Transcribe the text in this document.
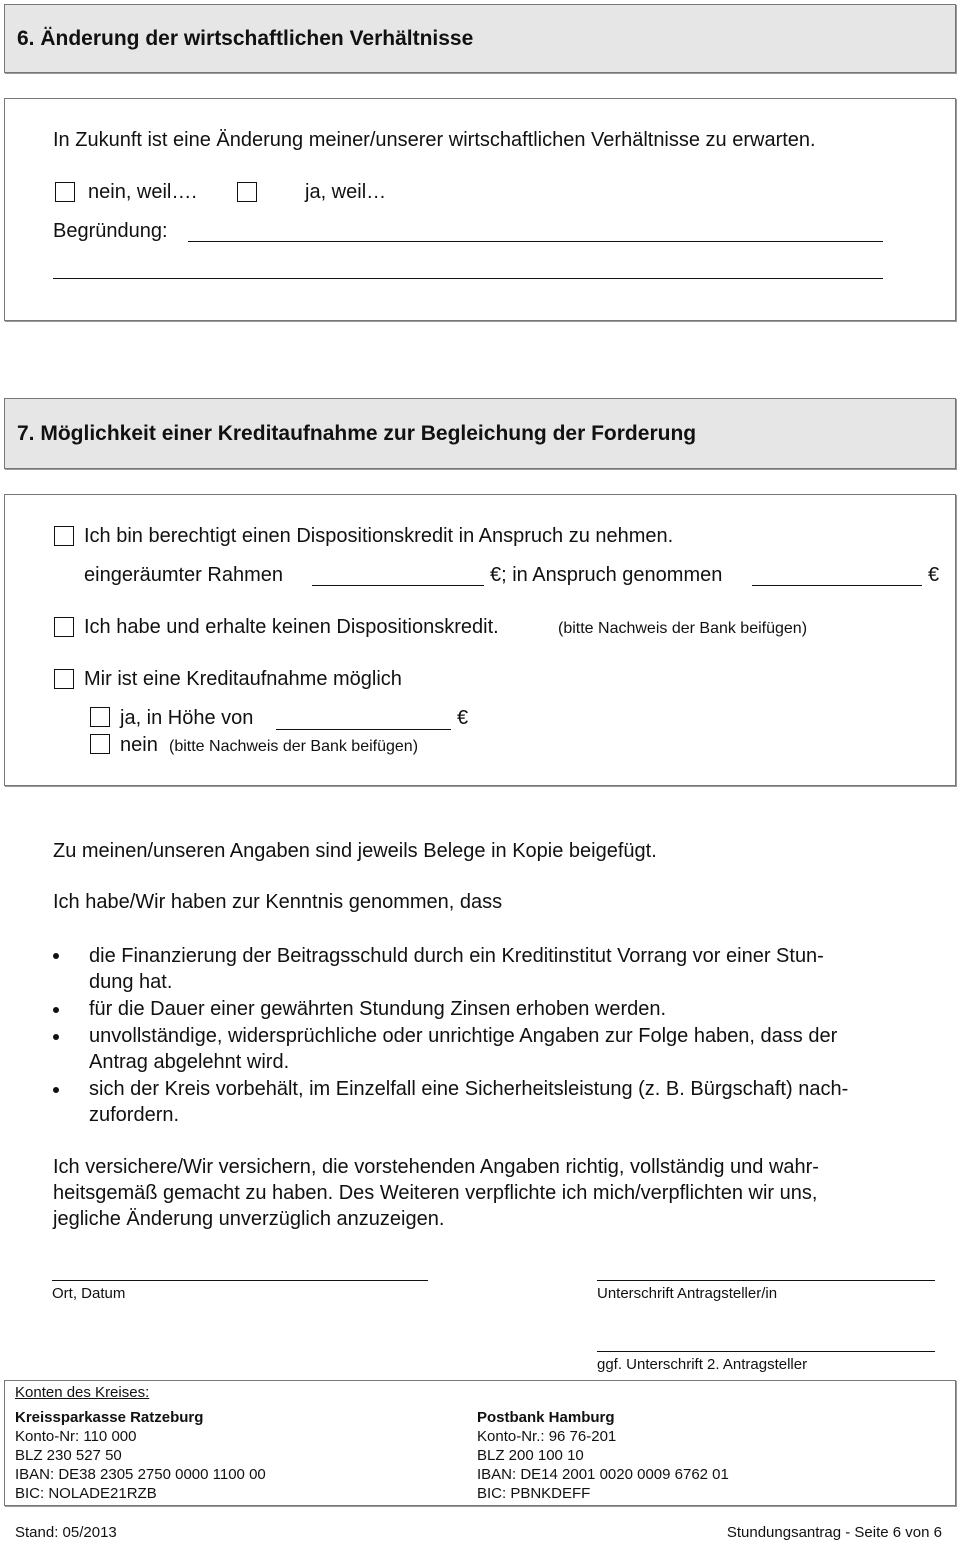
6. Änderung der wirtschaftlichen Verhältnisse
In Zukunft ist eine Änderung meiner/unserer wirtschaftlichen Verhältnisse zu erwarten.
nein, weil….	ja, weil…
Begründung:
7. Möglichkeit einer Kreditaufnahme zur Begleichung der Forderung
Ich bin berechtigt einen Dispositionskredit in Anspruch zu nehmen.
eingeräumter Rahmen	€; in Anspruch genommen	€
Ich habe und erhalte keinen Dispositionskredit.	(bitte Nachweis der Bank beifügen)
Mir ist eine Kreditaufnahme möglich
ja, in Höhe von	€
nein (bitte Nachweis der Bank beifügen)
Zu meinen/unseren Angaben sind jeweils Belege in Kopie beigefügt.
Ich habe/Wir haben zur Kenntnis genommen, dass
die Finanzierung der Beitragsschuld durch ein Kreditinstitut Vorrang vor einer Stun-
dung hat.
für die Dauer einer gewährten Stundung Zinsen erhoben werden.
unvollständige, widersprüchliche oder unrichtige Angaben zur Folge haben, dass der
Antrag abgelehnt wird.
sich der Kreis vorbehält, im Einzelfall eine Sicherheitsleistung (z. B. Bürgschaft) nach-
zufordern.
Ich versichere/Wir versichern, die vorstehenden Angaben richtig, vollständig und wahr-
heitsgemäß gemacht zu haben. Des Weiteren verpflichte ich mich/verpflichten wir uns,
jegliche Änderung unverzüglich anzuzeigen.
Ort, Datum	Unterschrift Antragsteller/in
ggf. Unterschrift 2. Antragsteller
Konten des Kreises:
Kreissparkasse Ratzeburg
Konto-Nr: 110 000
BLZ 230 527 50
IBAN: DE38 2305 2750 0000 1100 00
BIC: NOLADE21RZB
Postbank Hamburg
Konto-Nr.: 96 76-201
BLZ 200 100 10
IBAN: DE14 2001 0020 0009 6762 01
BIC: PBNKDEFF
Stand: 05/2013	Stundungsantrag - Seite 6 von 6
